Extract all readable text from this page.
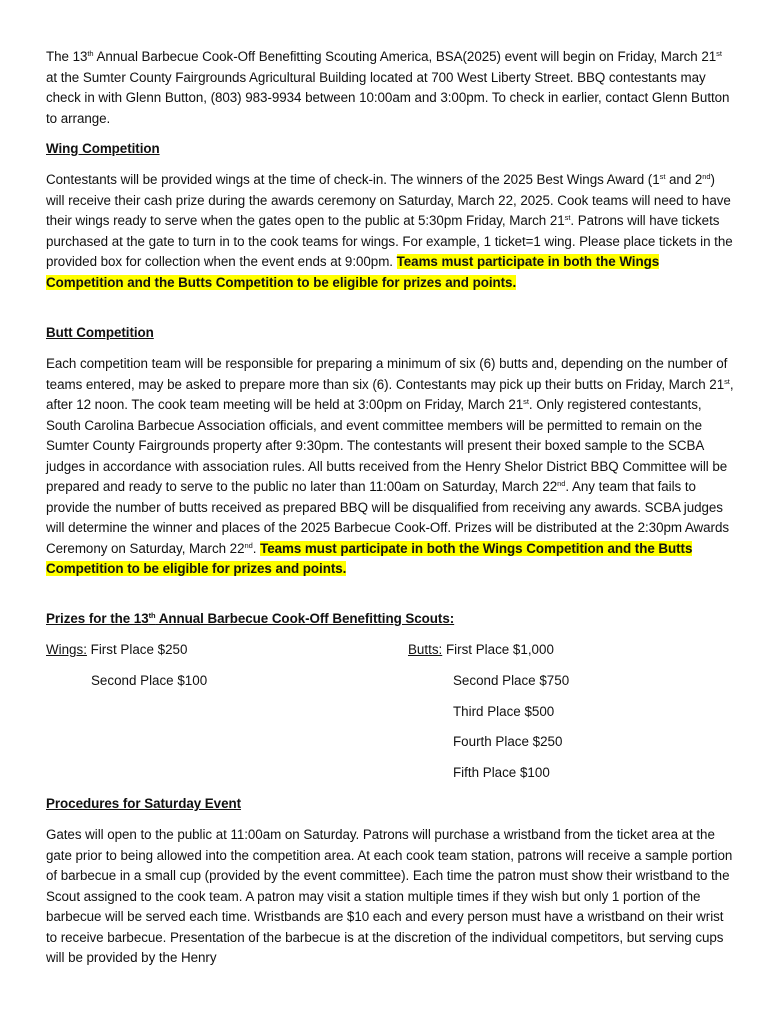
The 13th Annual Barbecue Cook-Off Benefitting Scouting America, BSA(2025) event will begin on Friday, March 21st at the Sumter County Fairgrounds Agricultural Building located at 700 West Liberty Street. BBQ contestants may check in with Glenn Button, (803) 983-9934 between 10:00am and 3:00pm. To check in earlier, contact Glenn Button to arrange.
Wing Competition
Contestants will be provided wings at the time of check-in. The winners of the 2025 Best Wings Award (1st and 2nd) will receive their cash prize during the awards ceremony on Saturday, March 22, 2025. Cook teams will need to have their wings ready to serve when the gates open to the public at 5:30pm Friday, March 21st. Patrons will have tickets purchased at the gate to turn in to the cook teams for wings. For example, 1 ticket=1 wing. Please place tickets in the provided box for collection when the event ends at 9:00pm. Teams must participate in both the Wings Competition and the Butts Competition to be eligible for prizes and points.
Butt Competition
Each competition team will be responsible for preparing a minimum of six (6) butts and, depending on the number of teams entered, may be asked to prepare more than six (6). Contestants may pick up their butts on Friday, March 21st, after 12 noon. The cook team meeting will be held at 3:00pm on Friday, March 21st. Only registered contestants, South Carolina Barbecue Association officials, and event committee members will be permitted to remain on the Sumter County Fairgrounds property after 9:30pm. The contestants will present their boxed sample to the SCBA judges in accordance with association rules. All butts received from the Henry Shelor District BBQ Committee will be prepared and ready to serve to the public no later than 11:00am on Saturday, March 22nd. Any team that fails to provide the number of butts received as prepared BBQ will be disqualified from receiving any awards. SCBA judges will determine the winner and places of the 2025 Barbecue Cook-Off. Prizes will be distributed at the 2:30pm Awards Ceremony on Saturday, March 22nd. Teams must participate in both the Wings Competition and the Butts Competition to be eligible for prizes and points.
Prizes for the 13th Annual Barbecue Cook-Off Benefitting Scouts:
Wings: First Place $250
Second Place $100
Butts: First Place $1,000
Second Place $750
Third Place $500
Fourth Place $250
Fifth Place $100
Procedures for Saturday Event
Gates will open to the public at 11:00am on Saturday. Patrons will purchase a wristband from the ticket area at the gate prior to being allowed into the competition area. At each cook team station, patrons will receive a sample portion of barbecue in a small cup (provided by the event committee). Each time the patron must show their wristband to the Scout assigned to the cook team. A patron may visit a station multiple times if they wish but only 1 portion of the barbecue will be served each time. Wristbands are $10 each and every person must have a wristband on their wrist to receive barbecue. Presentation of the barbecue is at the discretion of the individual competitors, but serving cups will be provided by the Henry
